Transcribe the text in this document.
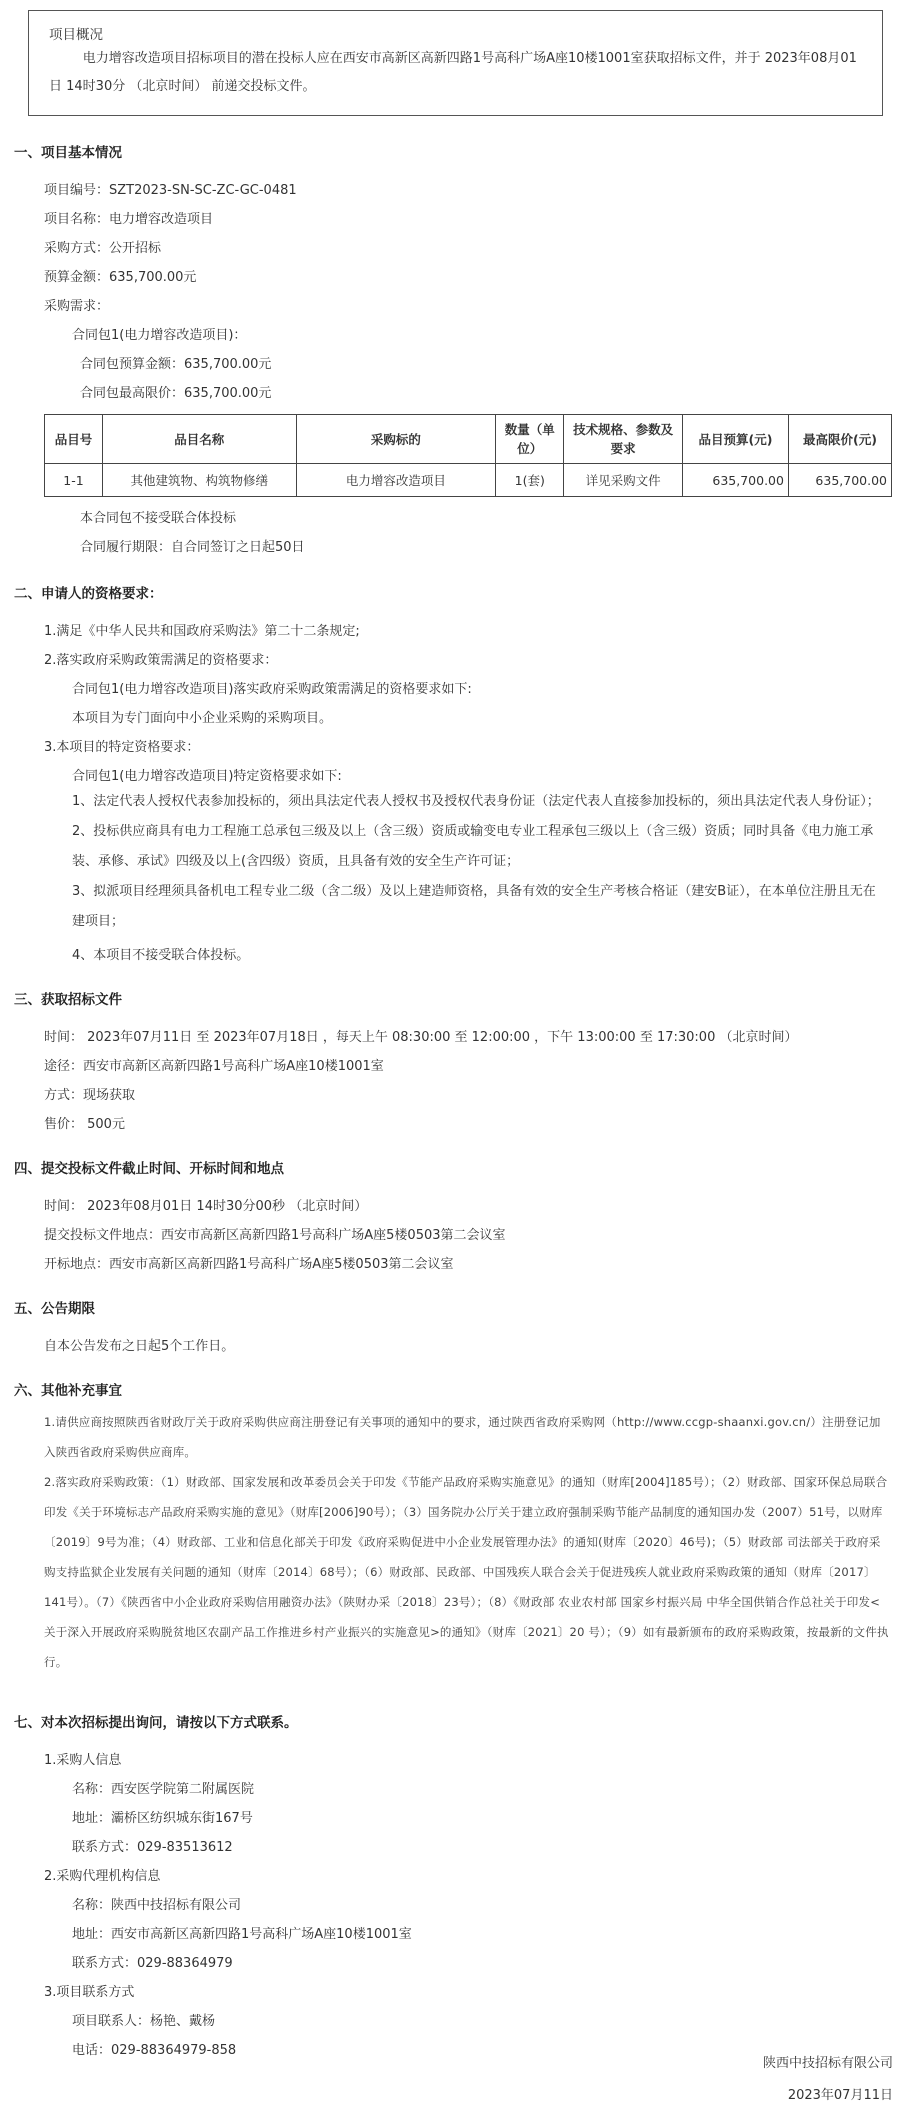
项目概况
电力增容改造项目招标项目的潜在投标人应在西安市高新区高新四路1号高科广场A座10楼1001室获取招标文件，并于 2023年08月01日 14时30分 （北京时间） 前递交投标文件。
一、项目基本情况
项目编号：SZT2023-SN-SC-ZC-GC-0481
项目名称：电力增容改造项目
采购方式：公开招标
预算金额：635,700.00元
采购需求：
合同包1(电力增容改造项目)：
合同包预算金额：635,700.00元
合同包最高限价：635,700.00元
品目号	品目名称	采购标的	数量（单位）	技术规格、参数及要求	品目预算(元)	最高限价(元)
1-1	其他建筑物、构筑物修缮	电力增容改造项目	1(套)	详见采购文件	635,700.00	635,700.00
本合同包不接受联合体投标
合同履行期限：自合同签订之日起50日
二、申请人的资格要求：
1.满足《中华人民共和国政府采购法》第二十二条规定;
2.落实政府采购政策需满足的资格要求：
合同包1(电力增容改造项目)落实政府采购政策需满足的资格要求如下:
本项目为专门面向中小企业采购的采购项目。
3.本项目的特定资格要求：
合同包1(电力增容改造项目)特定资格要求如下:
1、法定代表人授权代表参加投标的，须出具法定代表人授权书及授权代表身份证（法定代表人直接参加投标的，须出具法定代表人身份证）；
2、投标供应商具有电力工程施工总承包三级及以上（含三级）资质或输变电专业工程承包三级以上（含三级）资质；同时具备《电力施工承装、承修、承试》四级及以上(含四级）资质，且具备有效的安全生产许可证；
3、拟派项目经理须具备机电工程专业二级（含二级）及以上建造师资格，具备有效的安全生产考核合格证（建安B证），在本单位注册且无在建项目；
4、本项目不接受联合体投标。
三、获取招标文件
时间： 2023年07月11日 至 2023年07月18日 ，每天上午 08:30:00 至 12:00:00 ，下午 13:00:00 至 17:30:00 （北京时间）
途径：西安市高新区高新四路1号高科广场A座10楼1001室
方式：现场获取
售价： 500元
四、提交投标文件截止时间、开标时间和地点
时间： 2023年08月01日 14时30分00秒 （北京时间）
提交投标文件地点：西安市高新区高新四路1号高科广场A座5楼0503第二会议室
开标地点：西安市高新区高新四路1号高科广场A座5楼0503第二会议室
五、公告期限
自本公告发布之日起5个工作日。
六、其他补充事宜
1.请供应商按照陕西省财政厅关于政府采购供应商注册登记有关事项的通知中的要求，通过陕西省政府采购网（http://www.ccgp-shaanxi.gov.cn/）注册登记加入陕西省政府采购供应商库。
2.落实政府采购政策：（1）财政部、国家发展和改革委员会关于印发《节能产品政府采购实施意见》的通知（财库[2004]185号）；（2）财政部、国家环保总局联合印发《关于环境标志产品政府采购实施的意见》（财库[2006]90号）；（3）国务院办公厅关于建立政府强制采购节能产品制度的通知国办发（2007）51号，以财库〔2019〕9号为准；（4）财政部、工业和信息化部关于印发《政府采购促进中小企业发展管理办法》的通知(财库〔2020〕46号)；（5）财政部 司法部关于政府采购支持监狱企业发展有关问题的通知（财库〔2014〕68号）；（6）财政部、民政部、中国残疾人联合会关于促进残疾人就业政府采购政策的通知（财库〔2017〕141号）。（7）《陕西省中小企业政府采购信用融资办法》（陕财办采〔2018〕23号）；（8）《财政部 农业农村部 国家乡村振兴局 中华全国供销合作总社关于印发<关于深入开展政府采购脱贫地区农副产品工作推进乡村产业振兴的实施意见>的通知》（财库〔2021〕20 号）；（9）如有最新颁布的政府采购政策，按最新的文件执行。
七、对本次招标提出询问，请按以下方式联系。
1.采购人信息
名称：西安医学院第二附属医院
地址：灞桥区纺织城东街167号
联系方式：029-83513612
2.采购代理机构信息
名称：陕西中技招标有限公司
地址：西安市高新区高新四路1号高科广场A座10楼1001室
联系方式：029-88364979
3.项目联系方式
项目联系人：杨艳、戴杨
电话：029-88364979-858
陕西中技招标有限公司
2023年07月11日
